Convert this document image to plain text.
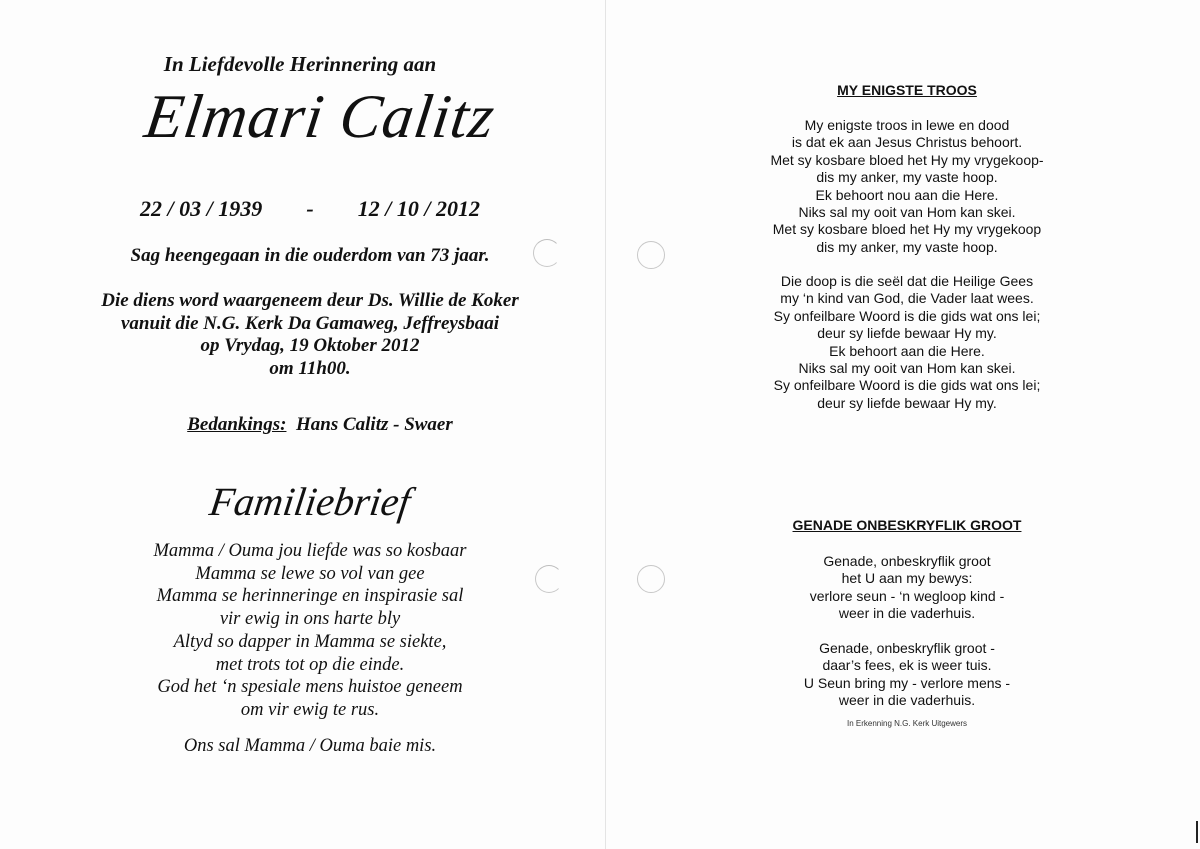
In Liefdevolle Herinnering aan
Elmari Calitz
22 / 03 / 1939 - 12 / 10 / 2012
Sag heengegaan in die ouderdom van 73 jaar.
Die diens word waargeneem deur Ds. Willie de Koker
vanuit die N.G. Kerk Da Gamaweg, Jeffreysbaai
op Vrydag, 19 Oktober 2012
om 11h00.
Bedankings: Hans Calitz - Swaer
Familiebrief
Mamma / Ouma jou liefde was so kosbaar
Mamma se lewe so vol van gee
Mamma se herinneringe en inspirasie sal
vir ewig in ons harte bly
Altyd so dapper in Mamma se siekte,
met trots tot op die einde.
God het ‘n spesiale mens huistoe geneem
om vir ewig te rus.
Ons sal Mamma / Ouma baie mis.
MY ENIGSTE TROOS
My enigste troos in lewe en dood
is dat ek aan Jesus Christus behoort.
Met sy kosbare bloed het Hy my vrygekoop-
dis my anker, my vaste hoop.
Ek behoort nou aan die Here.
Niks sal my ooit van Hom kan skei.
Met sy kosbare bloed het Hy my vrygekoop
dis my anker, my vaste hoop.
Die doop is die seël dat die Heilige Gees
my ‘n kind van God, die Vader laat wees.
Sy onfeilbare Woord is die gids wat ons lei;
deur sy liefde bewaar Hy my.
Ek behoort aan die Here.
Niks sal my ooit van Hom kan skei.
Sy onfeilbare Woord is die gids wat ons lei;
deur sy liefde bewaar Hy my.
GENADE ONBESKRYFLIK GROOT
Genade, onbeskryflik groot
het U aan my bewys:
verlore seun - ‘n wegloop kind -
weer in die vaderhuis.
Genade, onbeskryflik groot -
daar’s fees, ek is weer tuis.
U Seun bring my - verlore mens -
weer in die vaderhuis.
In Erkenning N.G. Kerk Uitgewers
